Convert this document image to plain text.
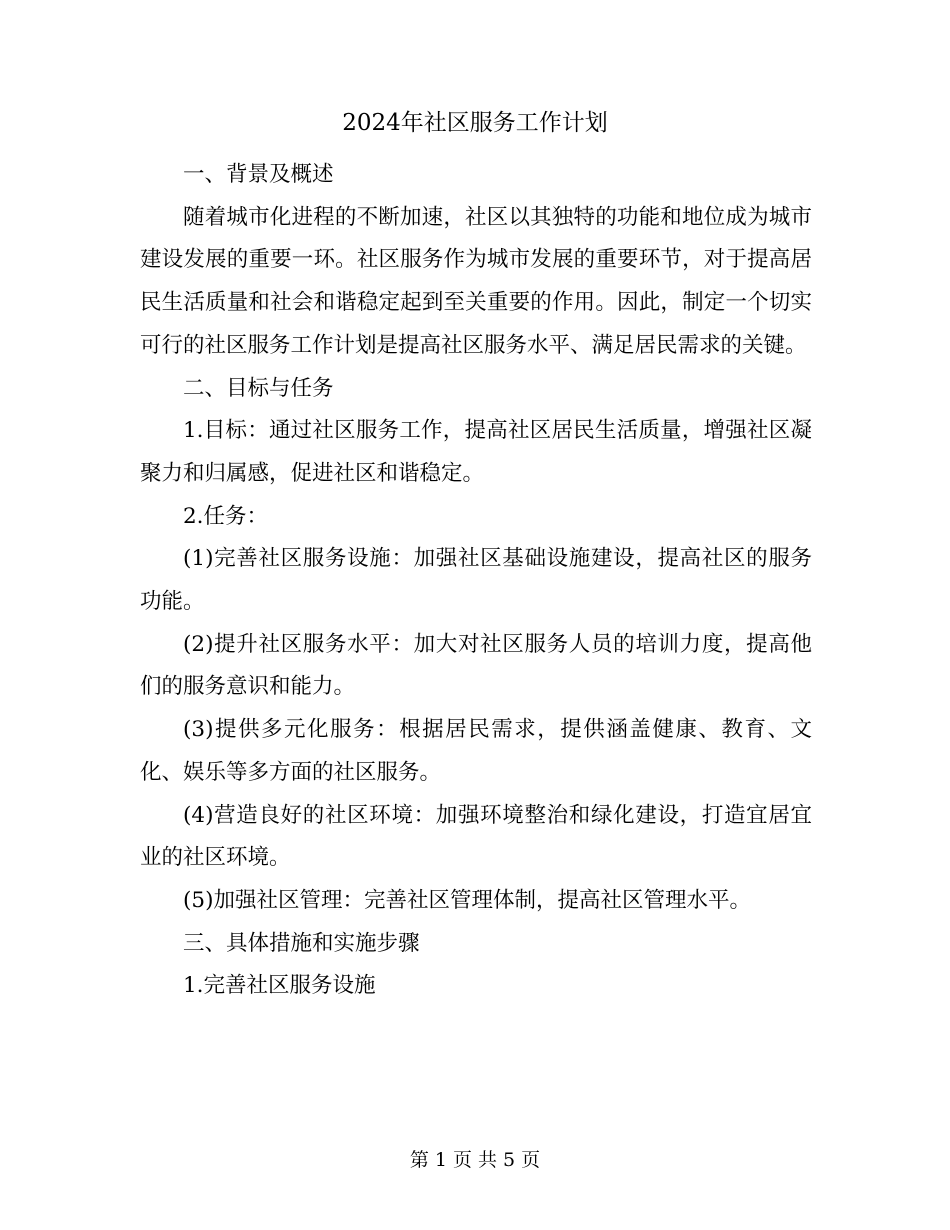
2024年社区服务工作计划

一、背景及概述

随着城市化进程的不断加速，社区以其独特的功能和地位成为城市建设发展的重要一环。社区服务作为城市发展的重要环节，对于提高居民生活质量和社会和谐稳定起到至关重要的作用。因此，制定一个切实可行的社区服务工作计划是提高社区服务水平、满足居民需求的关键。

二、目标与任务

1.目标：通过社区服务工作，提高社区居民生活质量，增强社区凝聚力和归属感，促进社区和谐稳定。

2.任务：

(1)完善社区服务设施：加强社区基础设施建设，提高社区的服务功能。

(2)提升社区服务水平：加大对社区服务人员的培训力度，提高他们的服务意识和能力。

(3)提供多元化服务：根据居民需求，提供涵盖健康、教育、文化、娱乐等多方面的社区服务。

(4)营造良好的社区环境：加强环境整治和绿化建设，打造宜居宜业的社区环境。

(5)加强社区管理：完善社区管理体制，提高社区管理水平。

三、具体措施和实施步骤

1.完善社区服务设施

第 1 页 共 5 页
